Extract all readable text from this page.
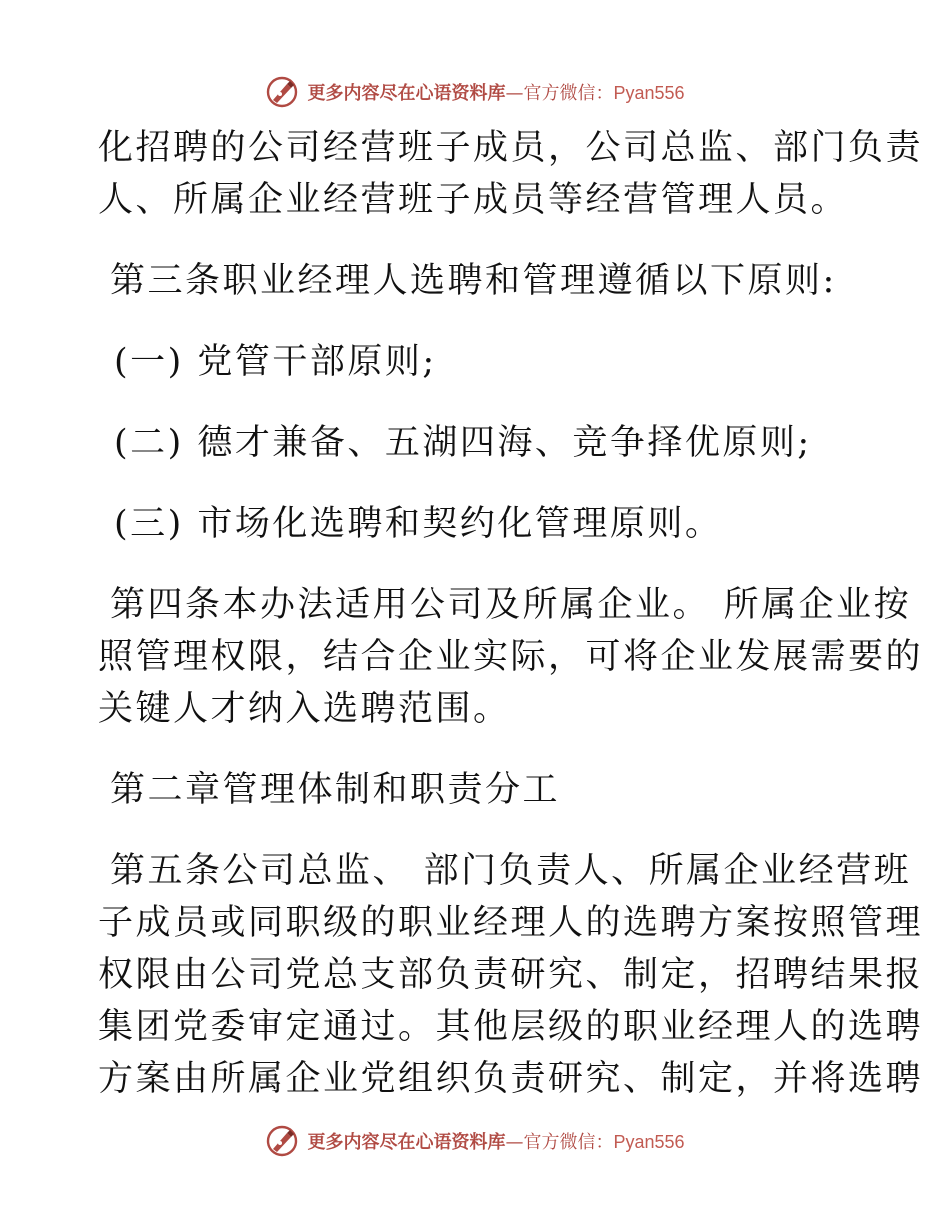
更多内容尽在心语资料库—官方微信：Pyan556
化招聘的公司经营班子成员，公司总监、部门负责
人、所属企业经营班子成员等经营管理人员。
第三条职业经理人选聘和管理遵循以下原则:
(一) 党管干部原则;
(二) 德才兼备、五湖四海、竞争择优原则;
(三) 市场化选聘和契约化管理原则。
第四条本办法适用公司及所属企业。 所属企业按
照管理权限，结合企业实际，可将企业发展需要的
关键人才纳入选聘范围。
第二章管理体制和职责分工
第五条公司总监、 部门负责人、所属企业经营班
子成员或同职级的职业经理人的选聘方案按照管理
权限由公司党总支部负责研究、制定，招聘结果报
集团党委审定通过。其他层级的职业经理人的选聘
方案由所属企业党组织负责研究、制定，并将选聘
更多内容尽在心语资料库—官方微信：Pyan556
